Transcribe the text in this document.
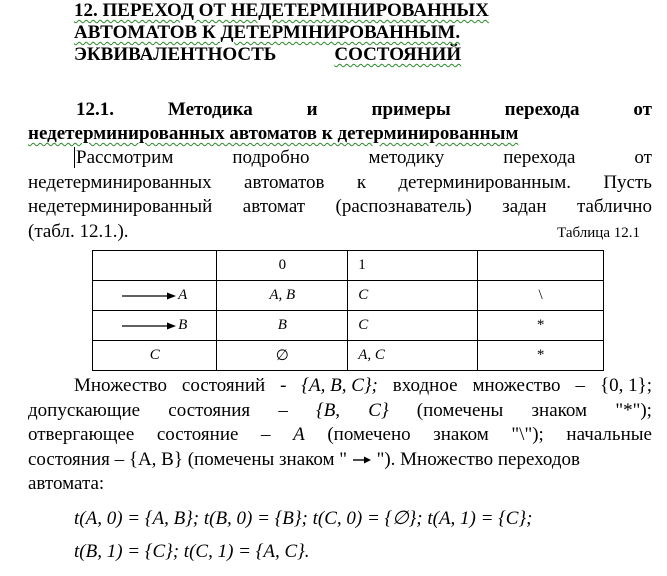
12. ПЕРЕХОД ОТ НЕДЕТЕРМІНИРОВАННЫХ
АВТОМАТОВ К ДЕТЕРМІНИРОВАННЫМ.
ЭКВИВАЛЕНТНОСТЬ	СОСТОЯНИЙ
12.1.	Методика	и	примеры	перехода	от
недетерминированных автоматов к детерминированным
Рассмотрим	подробно	методику	перехода	от
недетерминированных автоматов к детерминированным. Пусть
недетерминированный автомат (распознаватель) задан таблично
(табл. 12.1.).	Таблица 12.1
	0	1	

A	A, B	C	\

B	B	C	*
C	∅	A, C	*
Множество состояний - {A, B, C}; входное множество – {0, 1};
допускающие состояния – {B, C} (помечены знаком "*");
отвергающее состояние – A (помечено знаком "\"); начальные
состояния – {A, B} (помечены знаком "  "). Множество переходов
автомата:
t(A, 0) = {A, B}; t(B, 0) = {B}; t(C, 0) = {∅}; t(A, 1) = {C};
t(B, 1) = {C}; t(C, 1) = {A, C}.
